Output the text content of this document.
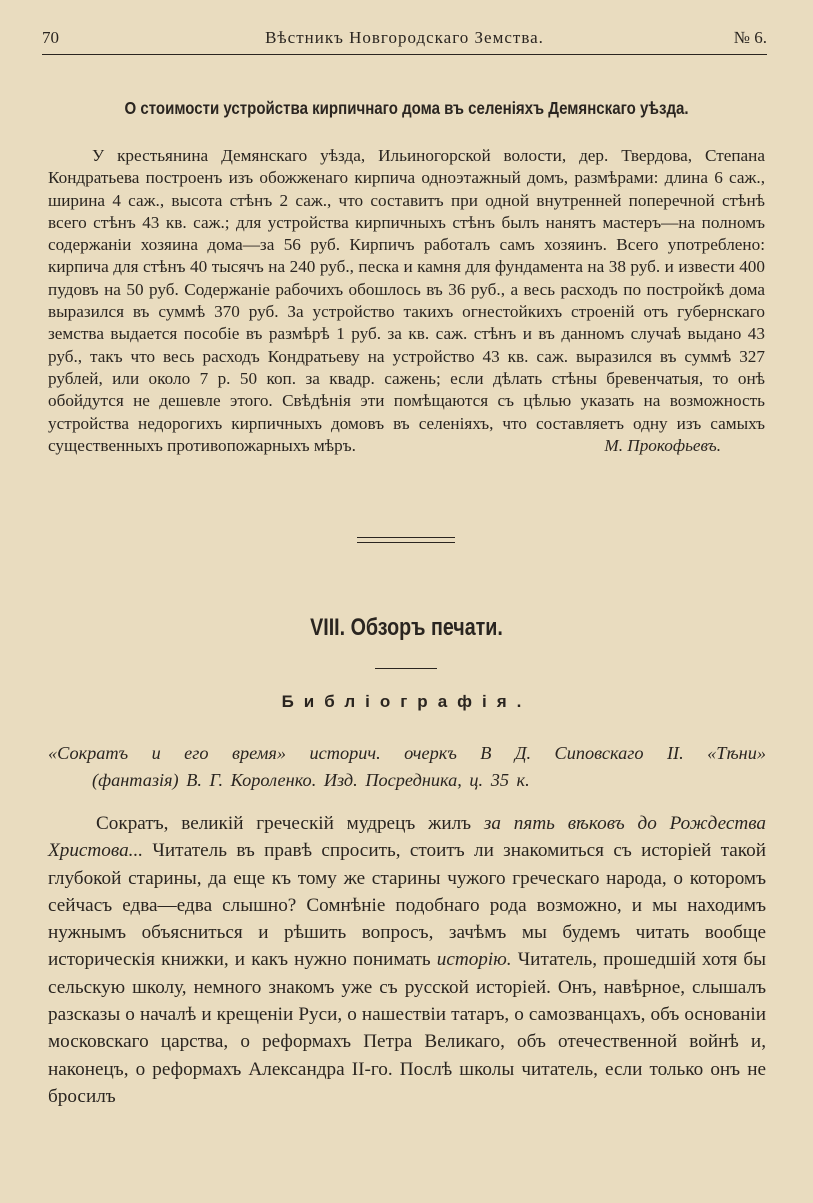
70	Вѣстникъ Новгородскаго Земства.	№ 6.
О стоимости устройства кирпичнаго дома въ селеніяхъ Демянскаго уѣзда.

У крестьянина Демянскаго уѣзда, Ильиногорской волости, дер. Твердова, Степана Кондратьева построенъ изъ обожженаго кирпича одноэтажный домъ, размѣрами: длина 6 саж., ширина 4 саж., высота стѣнъ 2 саж., что составитъ при одной внутренней поперечной стѣнѣ всего стѣнъ 43 кв. саж.; для устройства кирпичныхъ стѣнъ былъ нанятъ мастеръ—на полномъ содержаніи хозяина дома—за 56 руб. Кирпичъ работалъ самъ хозяинъ. Всего употреблено: кирпича для стѣнъ 40 тысячъ на 240 руб., песка и камня для фундамента на 38 руб. и извести 400 пудовъ на 50 руб. Содержаніе рабочихъ обошлось въ 36 руб., а весь расходъ по постройкѣ дома выразился въ суммѣ 370 руб. За устройство такихъ огнестойкихъ строеній отъ губернскаго земства выдается пособіе въ размѣрѣ 1 руб. за кв. саж. стѣнъ и въ данномъ случаѣ выдано 43 руб., такъ что весь расходъ Кондратьеву на устройство 43 кв. саж. выразился въ суммѣ 327 рублей, или около 7 р. 50 коп. за квадр. сажень; если дѣлать стѣны бревенчатыя, то онѣ обойдутся не дешевле этого. Свѣдѣнія эти помѣщаются съ цѣлью указать на возможность устройства недорогихъ кирпичныхъ домовъ въ селеніяхъ, что составляетъ одну изъ самыхъ существенныхъ противопожарныхъ мѣръ.	М. Прокофьевъ.

VIII. Обзоръ печати.
Библіографія.
«Сократъ и его время» историч. очеркъ В Д. Сиповскаго II. «Тѣни»
(фантазія) В. Г. Короленко. Изд. Посредника, ц. 35 к.

Сократъ, великій греческій мудрецъ жилъ за пять вѣковъ до Рождества Христова... Читатель въ правѣ спросить, стоитъ ли знакомиться съ исторіей такой глубокой старины, да еще къ тому же старины чужого греческаго народа, о которомъ сейчасъ едва—едва слышно? Сомнѣніе подобнаго рода возможно, и мы находимъ нужнымъ объясниться и рѣшить вопросъ, зачѣмъ мы будемъ читать вообще историческія книжки, и какъ нужно понимать исторію. Читатель, прошедшій хотя бы сельскую школу, немного знакомъ уже съ русской исторіей. Онъ, навѣрное, слышалъ разсказы о началѣ и крещеніи Руси, о нашествіи татаръ, о самозванцахъ, объ основаніи московскаго царства, о реформахъ Петра Великаго, объ отечественной войнѣ и, наконецъ, о реформахъ Александра II-го. Послѣ школы читатель, если только онъ не бросилъ
